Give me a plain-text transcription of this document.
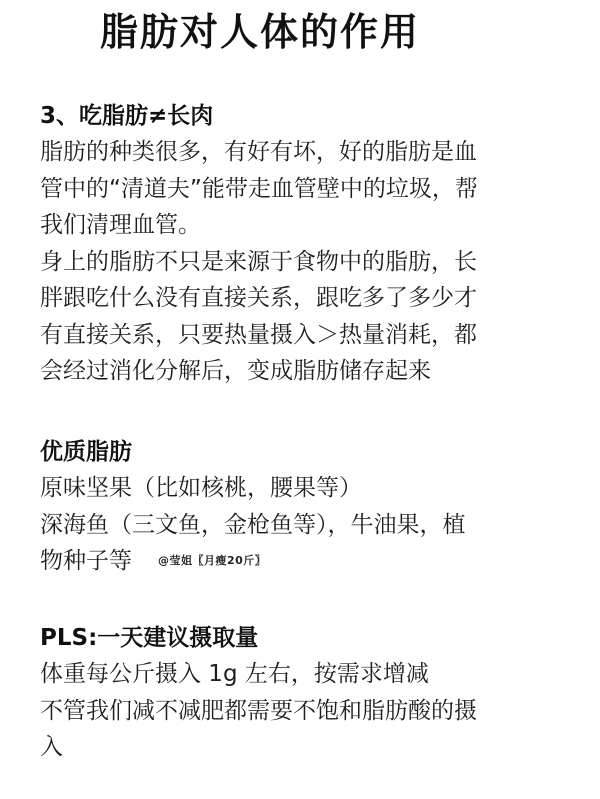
脂肪对人体的作用
3、吃脂肪≠长肉
脂肪的种类很多，有好有坏，好的脂肪是血
管中的“清道夫”能带走血管壁中的垃圾，帮
我们清理血管。
身上的脂肪不只是来源于食物中的脂肪，长
胖跟吃什么没有直接关系，跟吃多了多少才
有直接关系，只要热量摄入＞热量消耗，都
会经过消化分解后，变成脂肪储存起来
优质脂肪
原味坚果（比如核桃，腰果等）
深海鱼（三文鱼，金枪鱼等），牛油果，植
物种子等 @莹姐〖月瘦20斤〗
PLS:一天建议摄取量
体重每公斤摄入 1g 左右，按需求增减
不管我们减不减肥都需要不饱和脂肪酸的摄
入
